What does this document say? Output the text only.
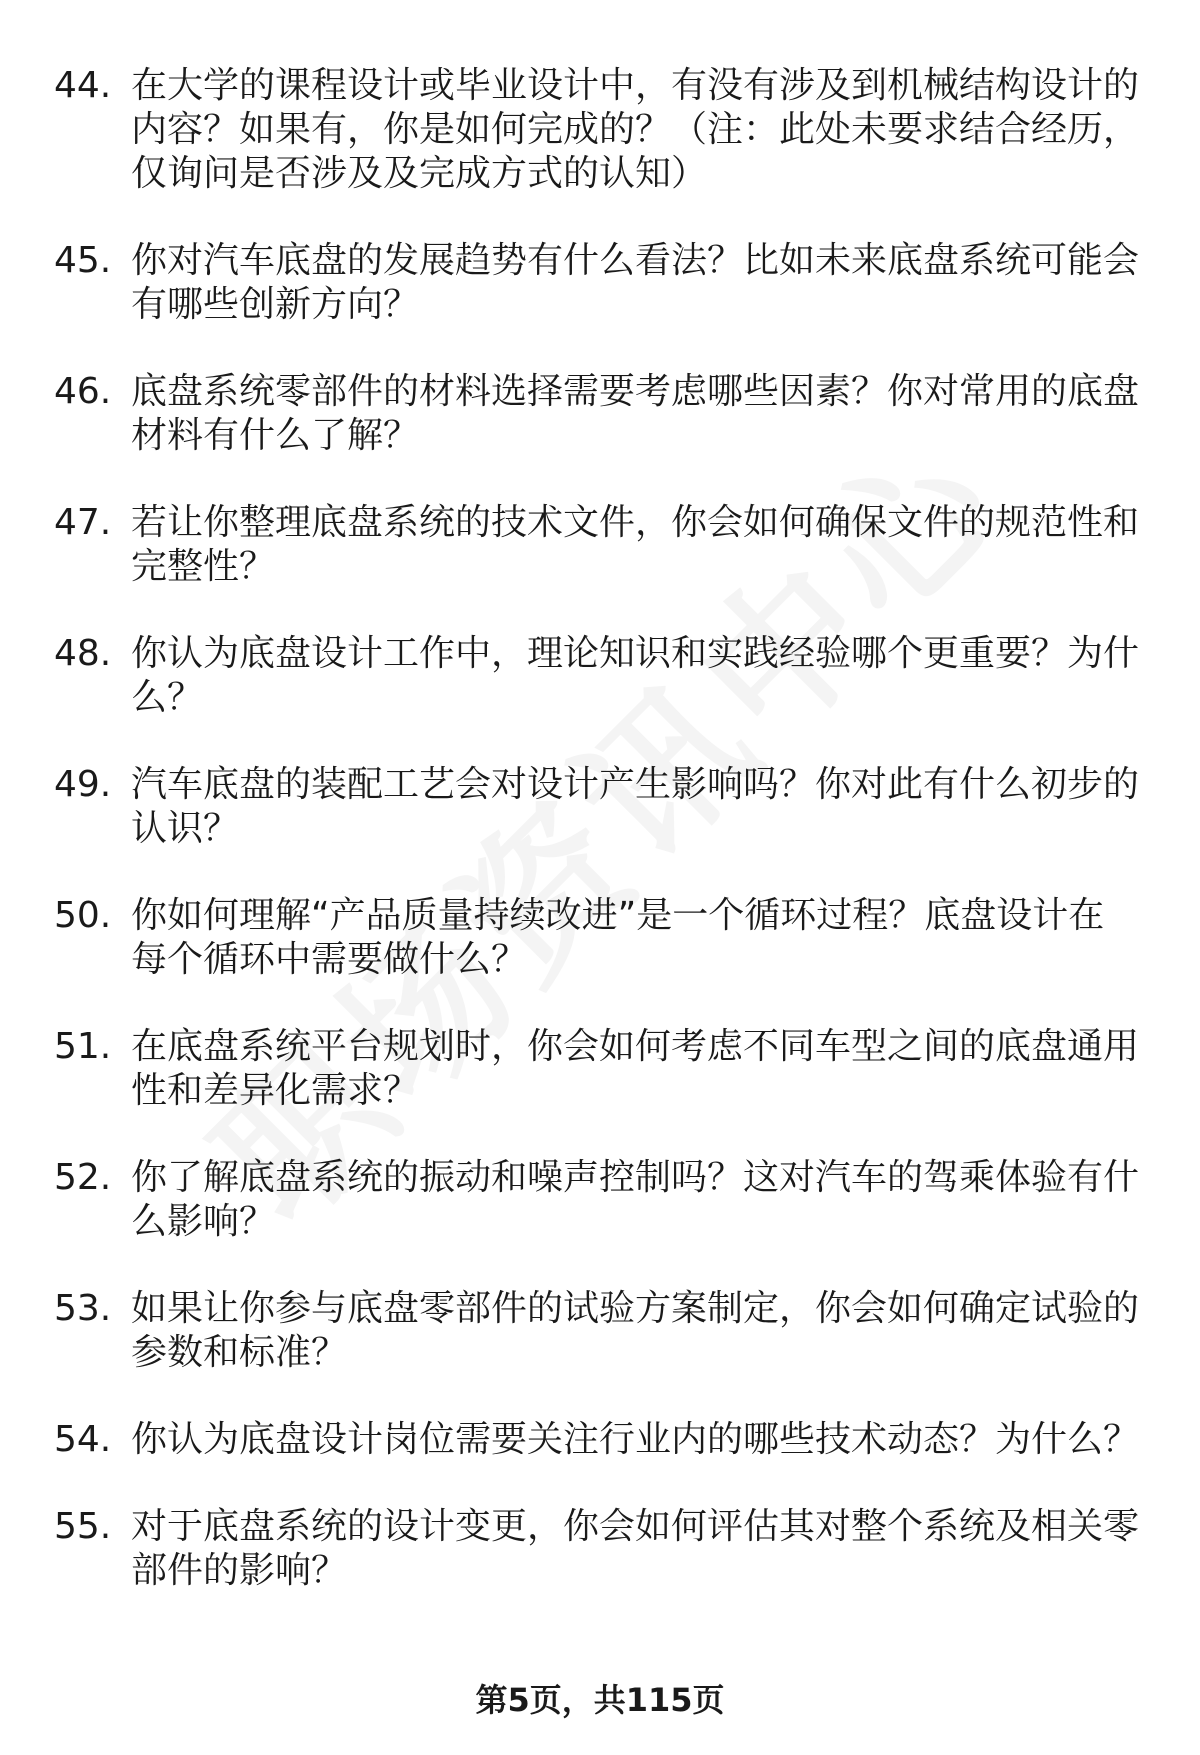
44. 在大学的课程设计或毕业设计中，有没有涉及到机械结构设计的内容？如果有，你是如何完成的？（注：此处未要求结合经历，仅询问是否涉及及完成方式的认知）
45. 你对汽车底盘的发展趋势有什么看法？比如未来底盘系统可能会有哪些创新方向？
46. 底盘系统零部件的材料选择需要考虑哪些因素？你对常用的底盘材料有什么了解？
47. 若让你整理底盘系统的技术文件，你会如何确保文件的规范性和完整性？
48. 你认为底盘设计工作中，理论知识和实践经验哪个更重要？为什么？
49. 汽车底盘的装配工艺会对设计产生影响吗？你对此有什么初步的认识？
50. 你如何理解“产品质量持续改进”是一个循环过程？底盘设计在每个循环中需要做什么？
51. 在底盘系统平台规划时，你会如何考虑不同车型之间的底盘通用性和差异化需求？
52. 你了解底盘系统的振动和噪声控制吗？这对汽车的驾乘体验有什么影响？
53. 如果让你参与底盘零部件的试验方案制定，你会如何确定试验的参数和标准？
54. 你认为底盘设计岗位需要关注行业内的哪些技术动态？为什么？
55. 对于底盘系统的设计变更，你会如何评估其对整个系统及相关零部件的影响？
第5页，共115页
